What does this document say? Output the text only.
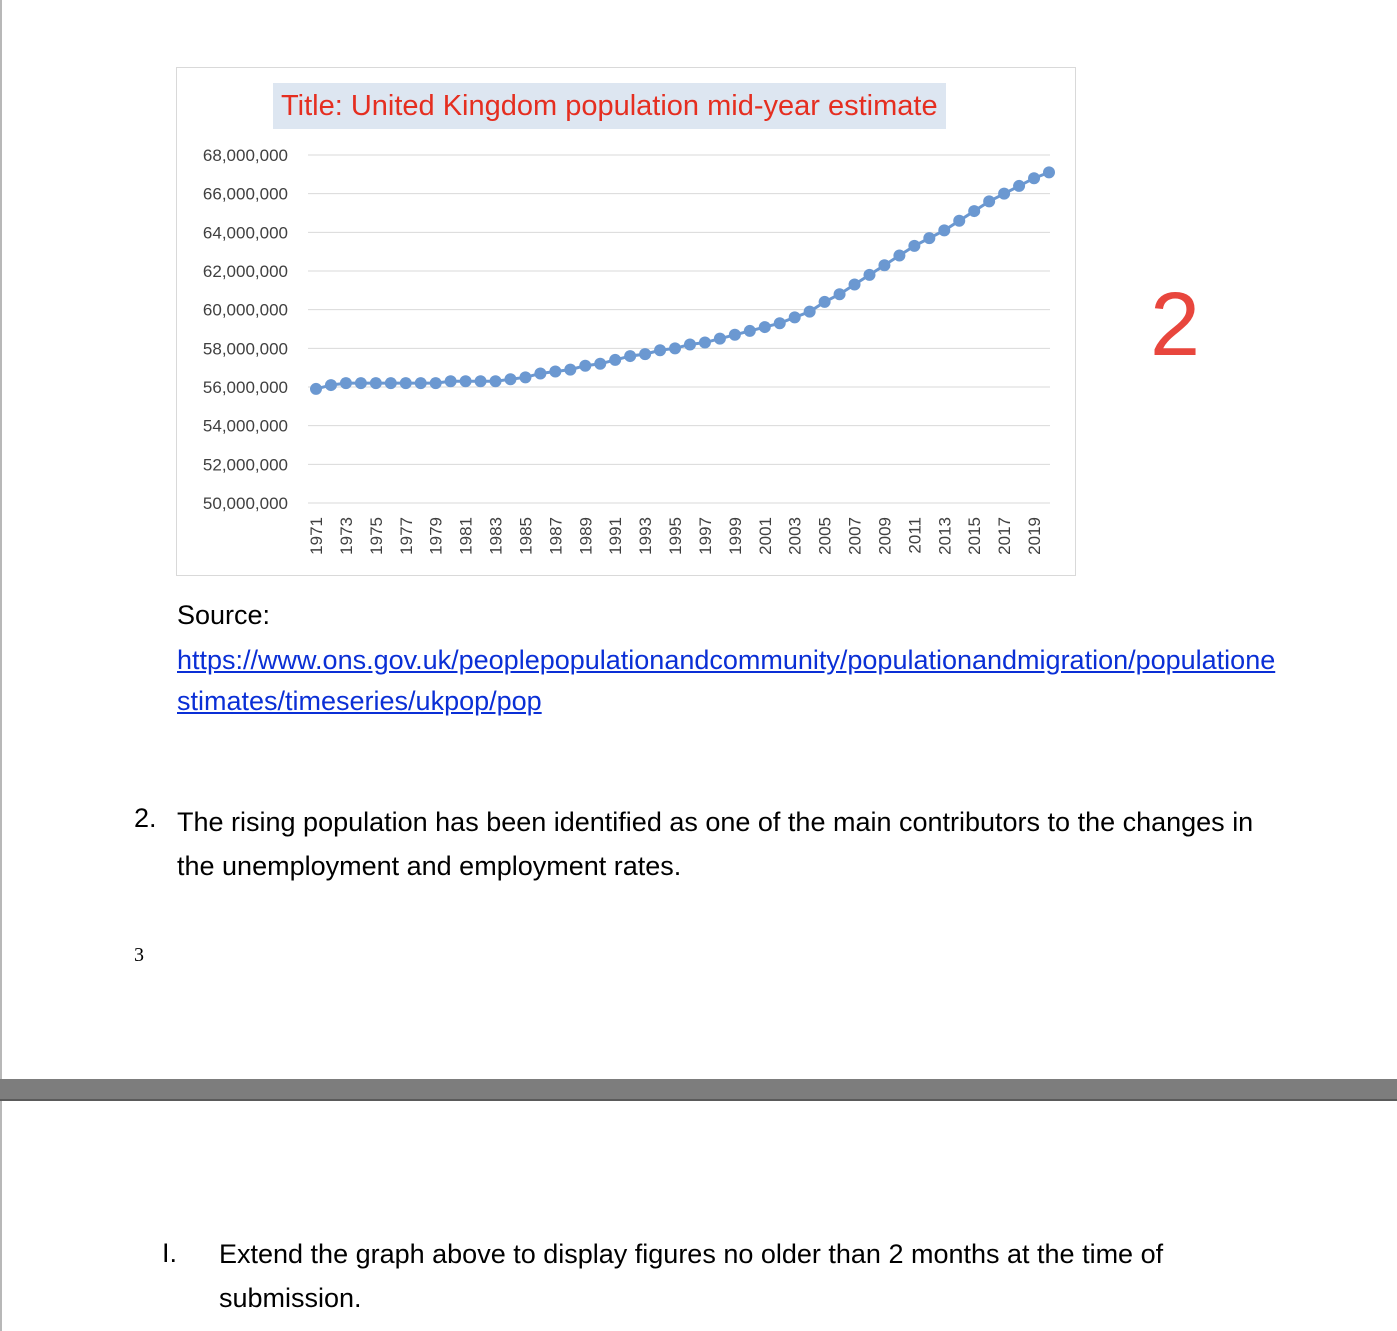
68,000,000
66,000,000
64,000,000
62,000,000
60,000,000
58,000,000
56,000,000
54,000,000
52,000,000
50,000,000
1971 1973 1975 1977 1979 1981 1983 1985 1987 1989 1991 1993 1995 1997 1999 2001 2003 2005 2007 2009 2011 2013 2015 2017 2019
Title: United Kingdom population mid-year estimate
2
Source:
https://www.ons.gov.uk/peoplepopulationandcommunity/populationandmigration/populationestimates/timeseries/ukpop/pop
2. The rising population has been identified as one of the main contributors to the changes in the unemployment and employment rates.
3
I. Extend the graph above to display figures no older than 2 months at the time of submission.
